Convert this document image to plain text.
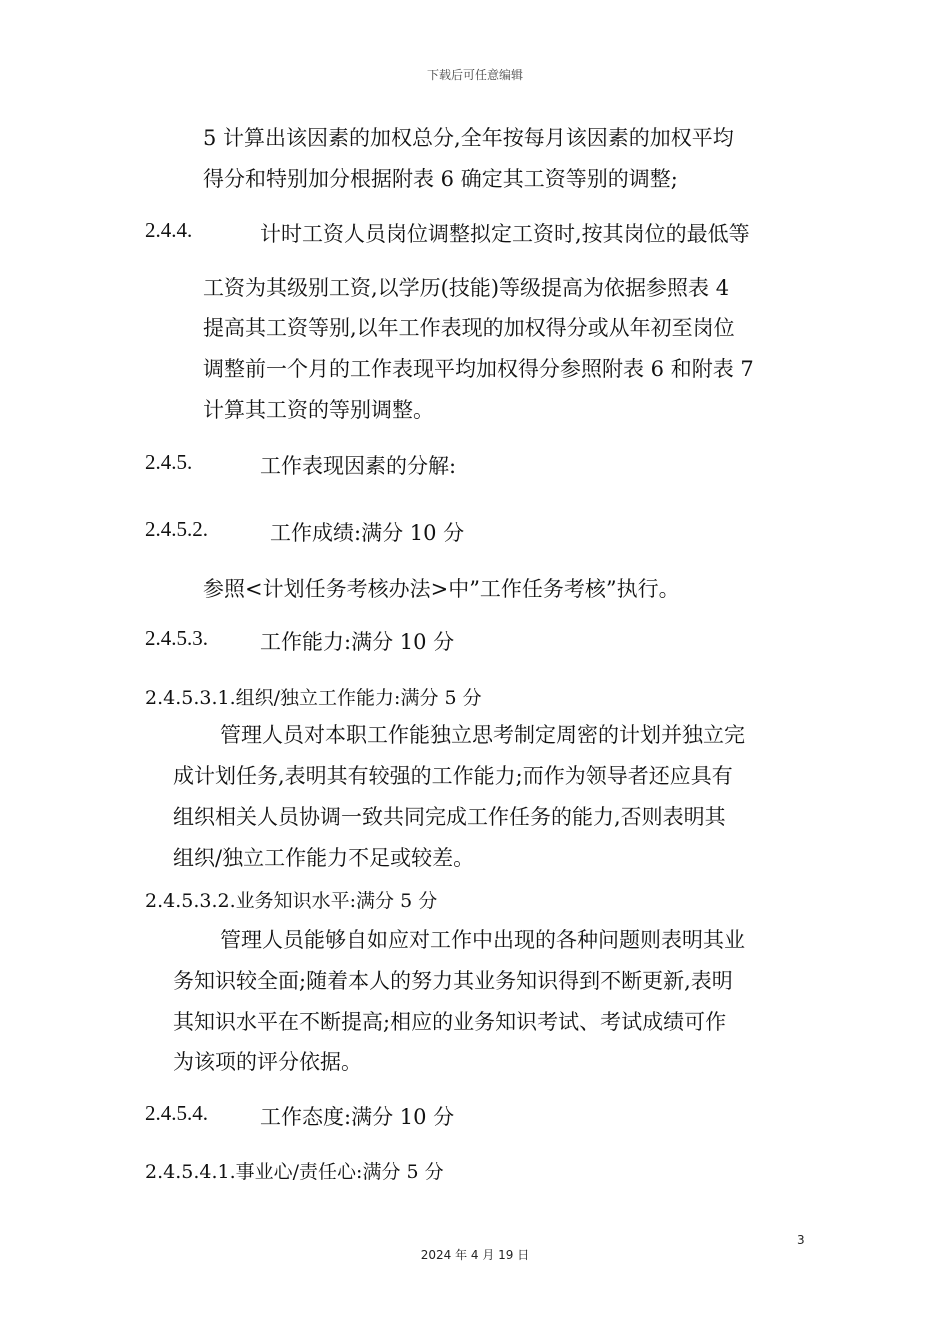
下载后可任意编辑
5 计算出该因素的加权总分,全年按每月该因素的加权平均
得分和特别加分根据附表 6 确定其工资等别的调整;
2.4.4.	计时工资人员岗位调整拟定工资时,按其岗位的最低等
工资为其级别工资,以学历(技能)等级提高为依据参照表 4
提高其工资等别,以年工作表现的加权得分或从年初至岗位
调整前一个月的工作表现平均加权得分参照附表 6 和附表 7
计算其工资的等别调整。
2.4.5.	工作表现因素的分解:
2.4.5.2.	工作成绩:满分 10 分
参照<计划任务考核办法>中”工作任务考核”执行。
2.4.5.3. 工作能力:满分 10 分
2.4.5.3.1.组织/独立工作能力:满分 5 分
管理人员对本职工作能独立思考制定周密的计划并独立完
成计划任务,表明其有较强的工作能力;而作为领导者还应具有
组织相关人员协调一致共同完成工作任务的能力,否则表明其
组织/独立工作能力不足或较差。
2.4.5.3.2.业务知识水平:满分 5 分
管理人员能够自如应对工作中出现的各种问题则表明其业
务知识较全面;随着本人的努力其业务知识得到不断更新,表明
其知识水平在不断提高;相应的业务知识考试、考试成绩可作
为该项的评分依据。
2.4.5.4. 工作态度:满分 10 分
2.4.5.4.1.事业心/责任心:满分 5 分
3
2024 年 4 月 19 日
